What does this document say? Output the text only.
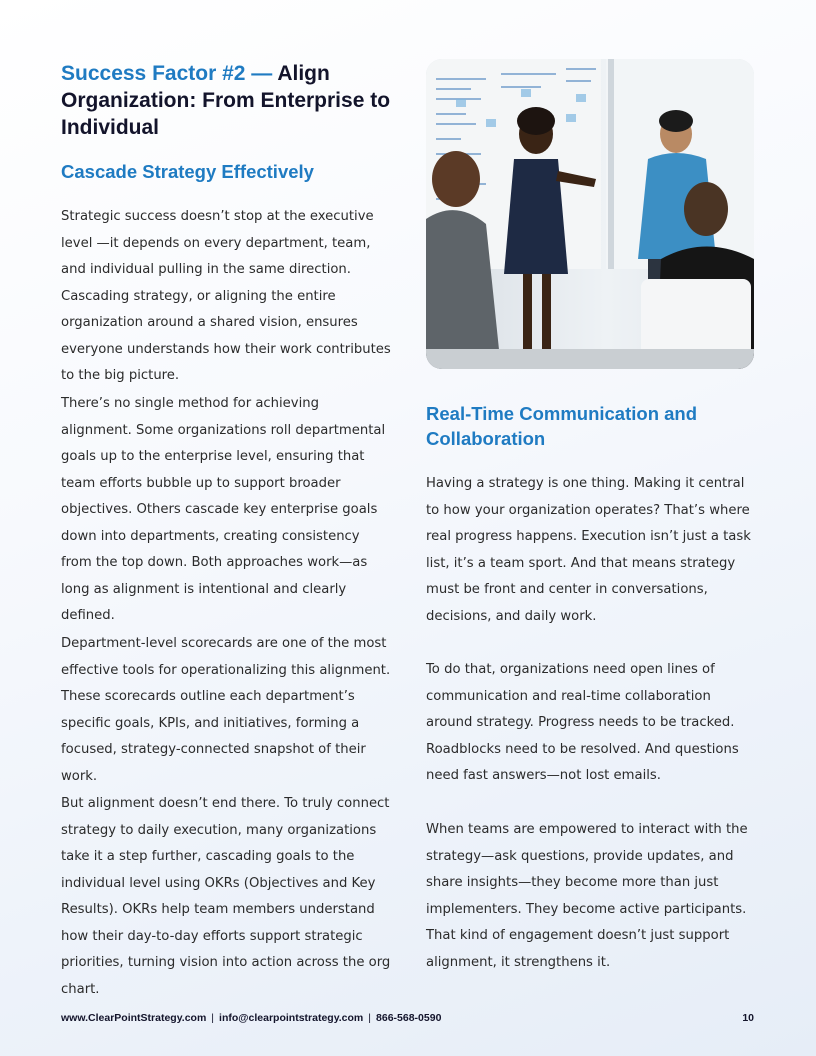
Success Factor #2 — Align Organization: From Enterprise to Individual
Cascade Strategy Effectively

Strategic success doesn’t stop at the executive level —it depends on every department, team, and individual pulling in the same direction. Cascading strategy, or aligning the entire organization around a shared vision, ensures everyone understands how their work contributes to the big picture.

There’s no single method for achieving alignment. Some organizations roll departmental goals up to the enterprise level, ensuring that team efforts bubble up to support broader objectives. Others cascade key enterprise goals down into departments, creating consistency from the top down. Both approaches work—as long as alignment is intentional and clearly defined.

Department-level scorecards are one of the most effective tools for operationalizing this alignment. These scorecards outline each department’s specific goals, KPIs, and initiatives, forming a focused, strategy-connected snapshot of their work.

But alignment doesn’t end there. To truly connect strategy to daily execution, many organizations take it a step further, cascading goals to the individual level using OKRs (Objectives and Key Results). OKRs help team members understand how their day-to-day efforts support strategic priorities, turning vision into action across the org chart.

Real-Time Communication and Collaboration

Having a strategy is one thing. Making it central to how your organization operates? That’s where real progress happens. Execution isn’t just a task list, it’s a team sport. And that means strategy must be front and center in conversations, decisions, and daily work.

To do that, organizations need open lines of communication and real-time collaboration around strategy. Progress needs to be tracked. Roadblocks need to be resolved. And questions need fast answers—not lost emails.

When teams are empowered to interact with the strategy—ask questions, provide updates, and share insights—they become more than just implementers. They become active participants. That kind of engagement doesn’t just support alignment, it strengthens it.

www.ClearPointStrategy.com | info@clearpointstrategy.com | 866-568-0590	10
